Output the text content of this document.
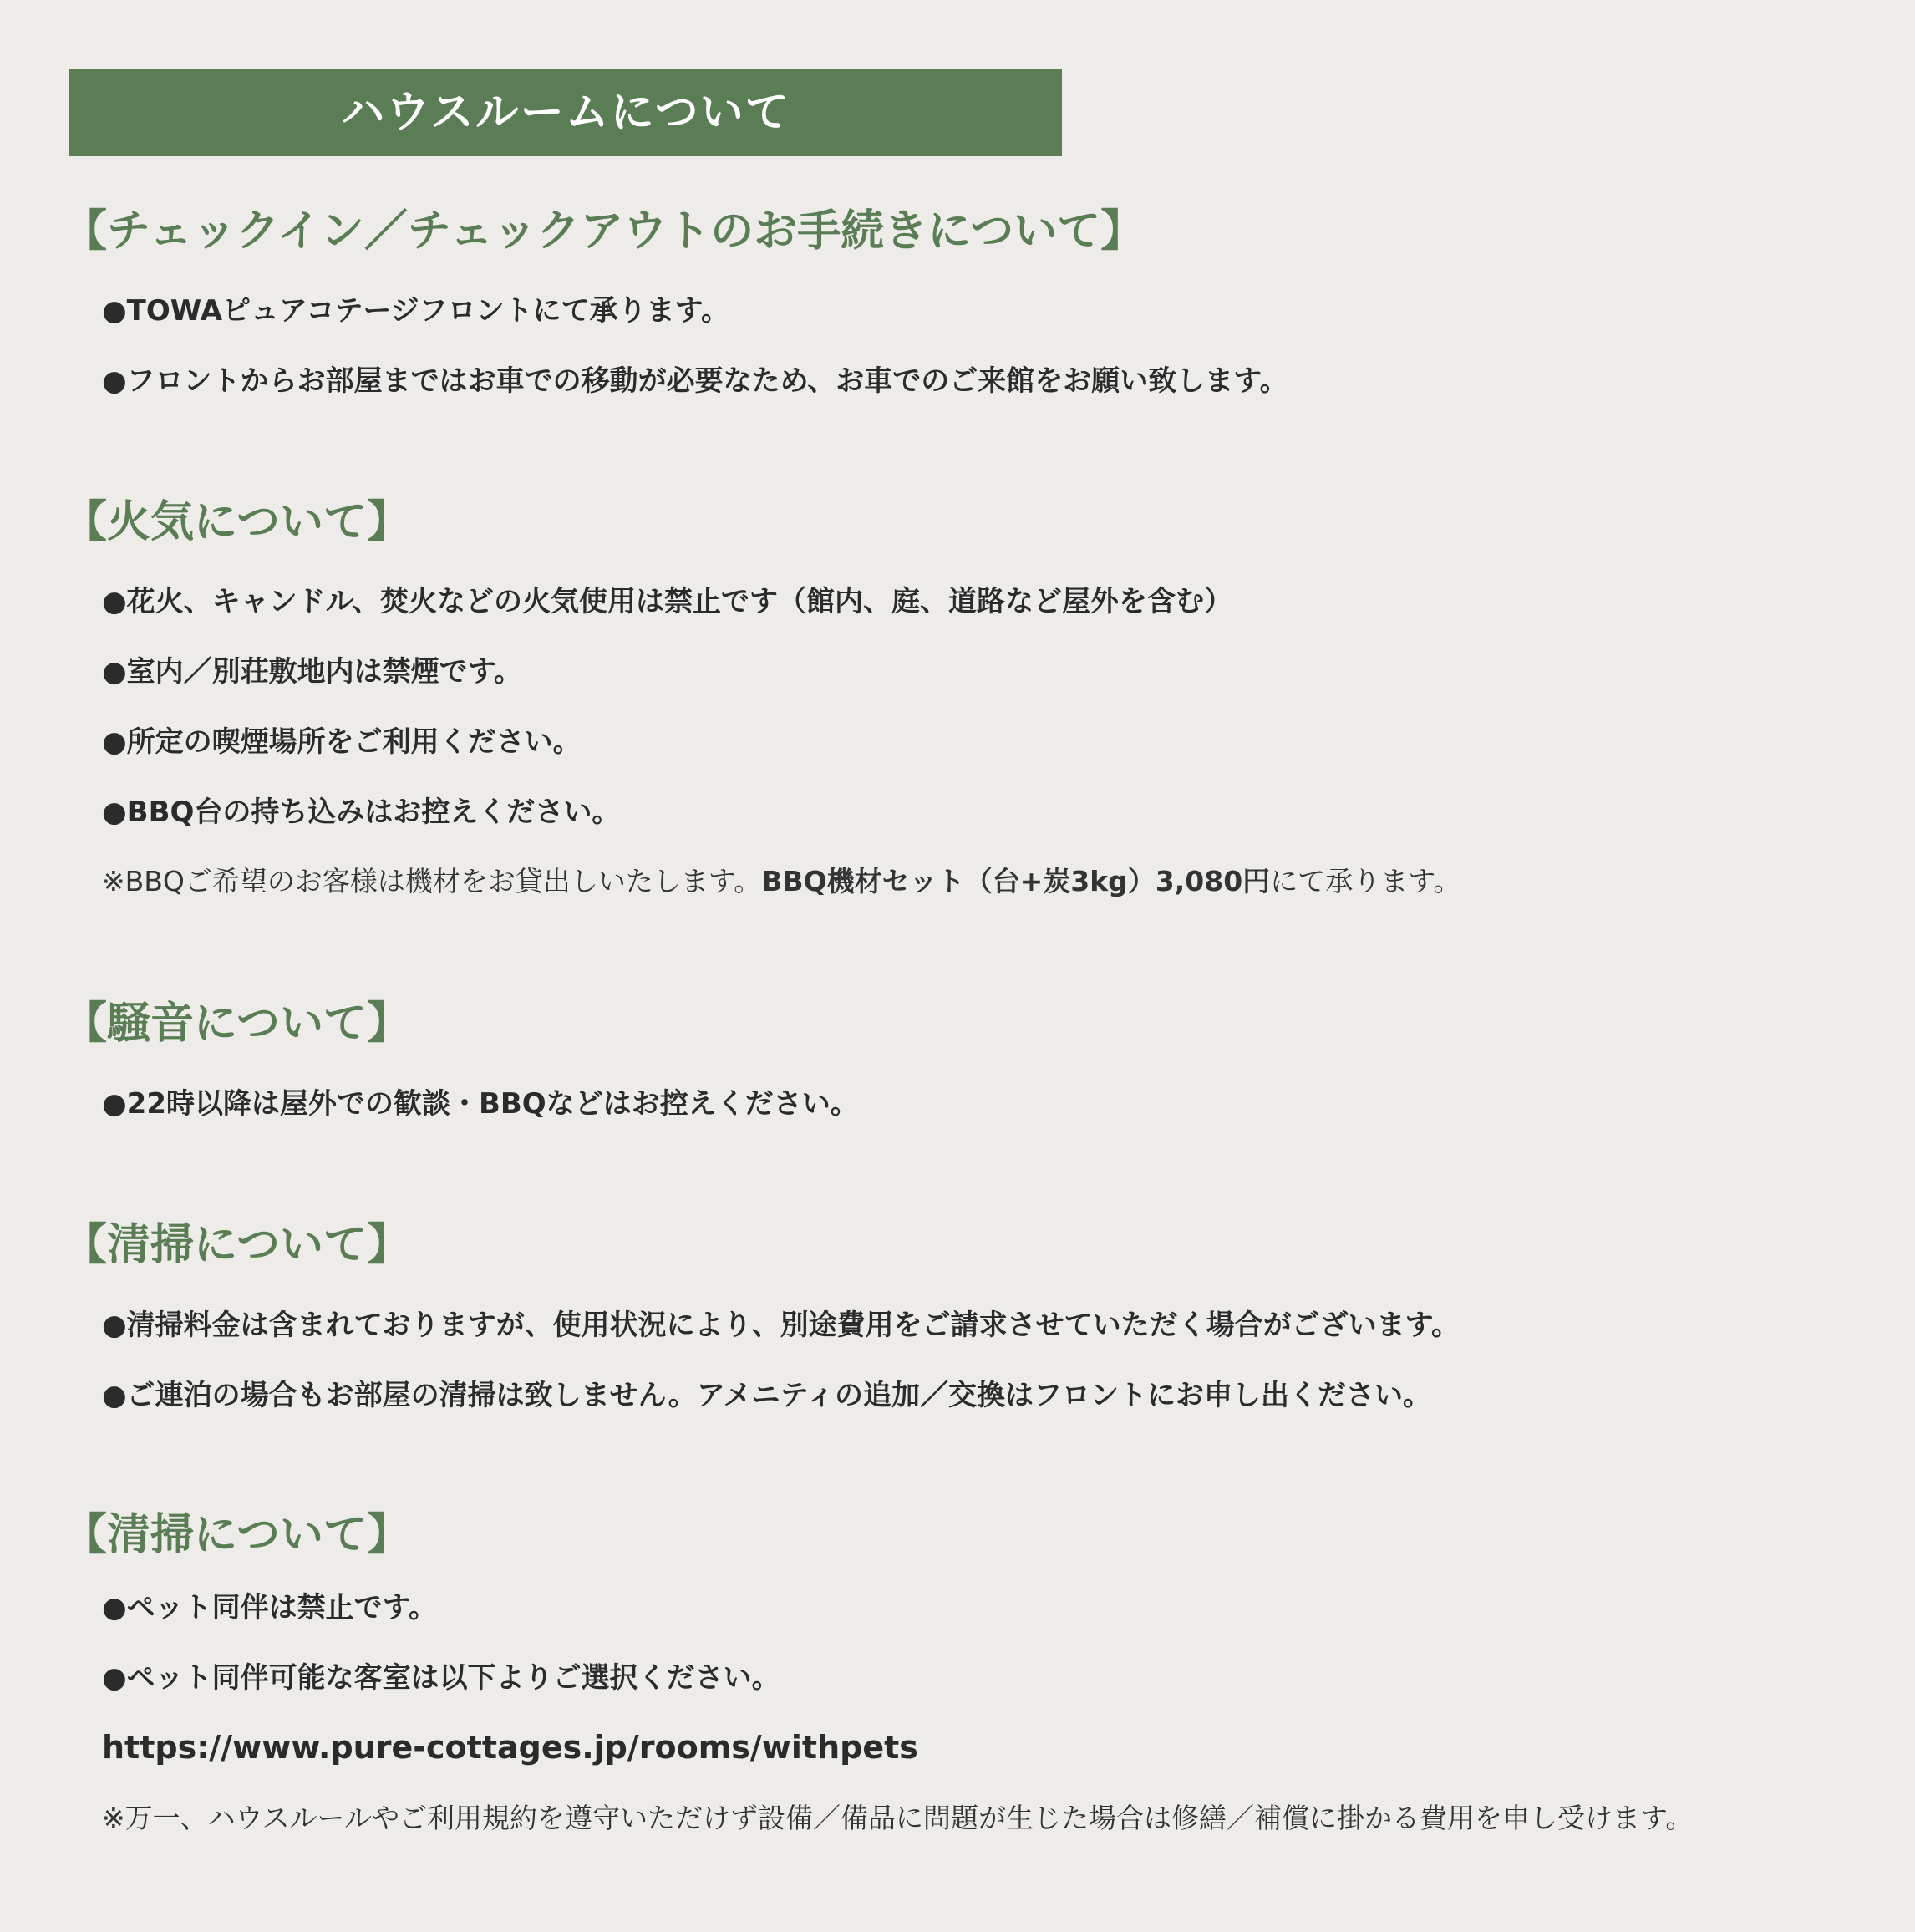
ハウスルームについて
【チェックイン／チェックアウトのお手続きについて】
●TOWAピュアコテージフロントにて承ります。
●フロントからお部屋まではお車での移動が必要なため、お車でのご来館をお願い致します。
【火気について】
●花火、キャンドル、焚火などの火気使用は禁止です（館内、庭、道路など屋外を含む）
●室内／別荘敷地内は禁煙です。
●所定の喫煙場所をご利用ください。
●BBQ台の持ち込みはお控えください。
※BBQご希望のお客様は機材をお貸出しいたします。BBQ機材セット（台+炭3kg）3,080円にて承ります。
【騒音について】
●22時以降は屋外での歓談・BBQなどはお控えください。
【清掃について】
●清掃料金は含まれておりますが、使用状況により、別途費用をご請求させていただく場合がございます。
●ご連泊の場合もお部屋の清掃は致しません。アメニティの追加／交換はフロントにお申し出ください。
【清掃について】
●ペット同伴は禁止です。
●ペット同伴可能な客室は以下よりご選択ください。
https://www.pure-cottages.jp/rooms/withpets
※万一、ハウスルールやご利用規約を遵守いただけず設備／備品に問題が生じた場合は修繕／補償に掛かる費用を申し受けます。
